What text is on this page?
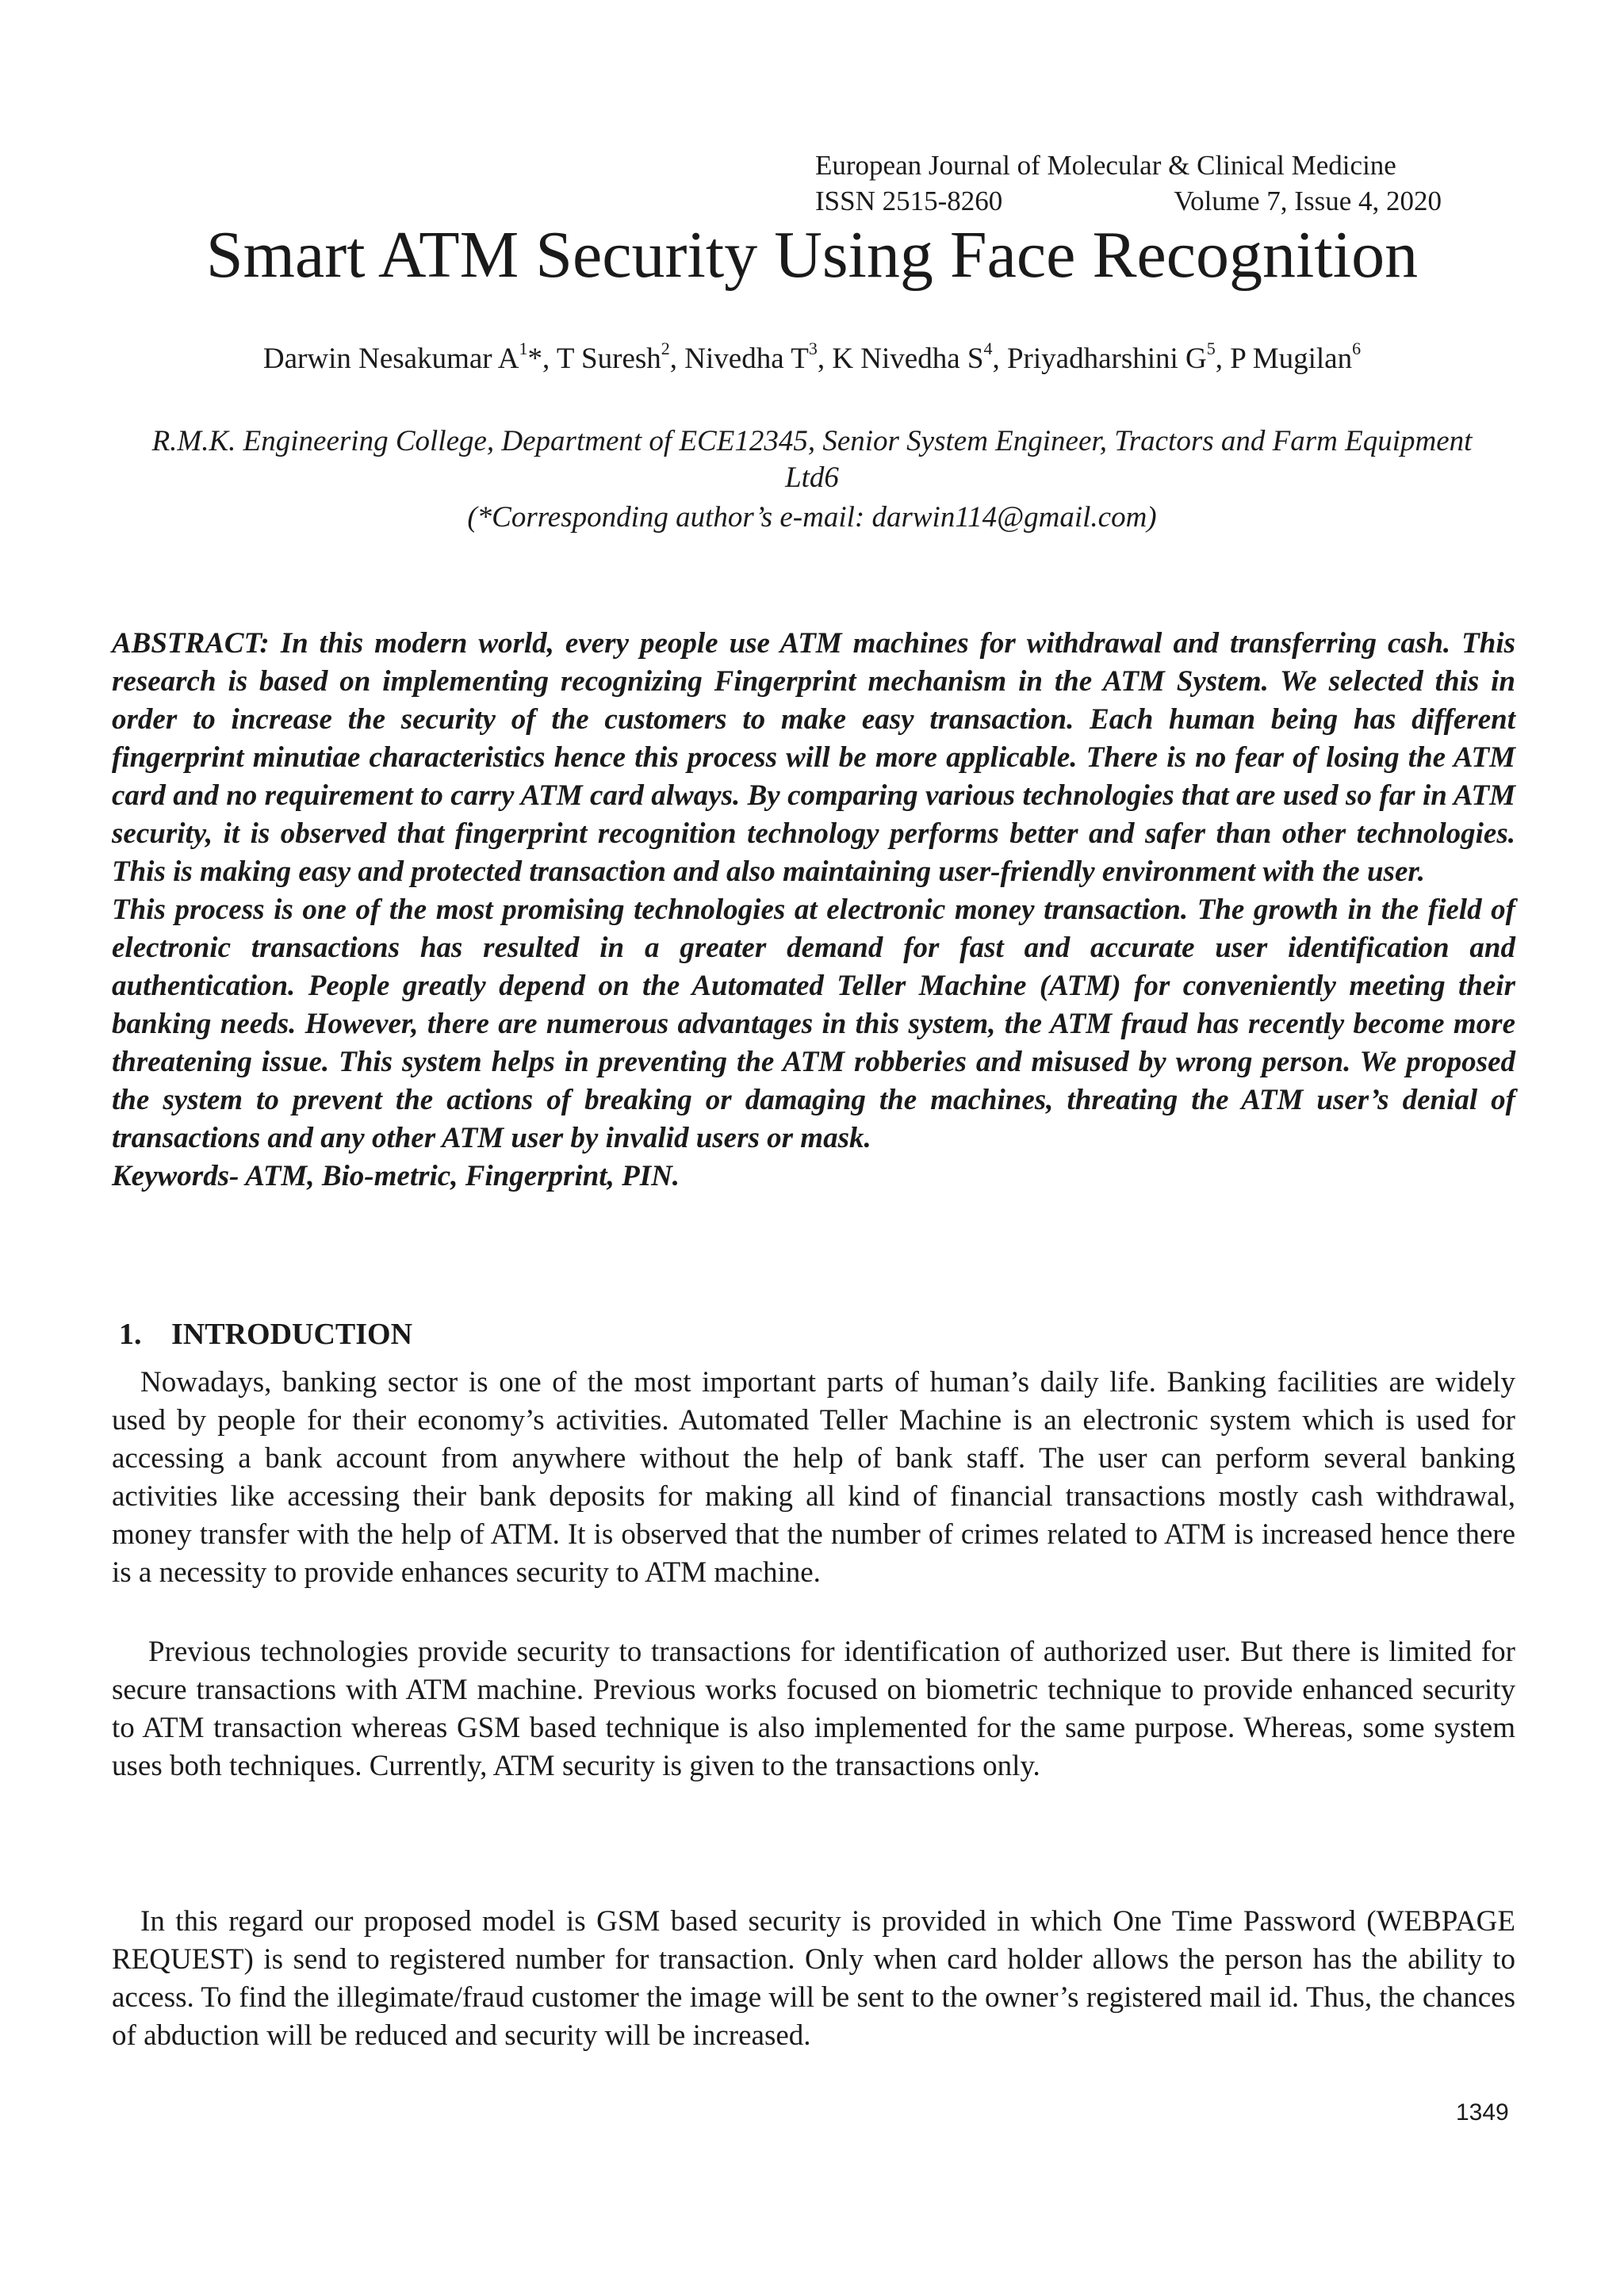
European Journal of Molecular & Clinical Medicine
ISSN 2515-8260	Volume 7, Issue 4, 2020
Smart ATM Security Using Face Recognition
Darwin Nesakumar $A^1*$, T Suresh$^2$, Nivedha $T^3$, K Nivedha $S^4$, Priyadharshini $G^5$, P Mugilan$^6$
R.M.K. Engineering College, Department of ECE12345, Senior System Engineer, Tractors and Farm Equipment Ltd6
(*Corresponding author’s e-mail: darwin114@gmail.com)

ABSTRACT: In this modern world, every people use ATM machines for withdrawal and transferring cash. This research is based on implementing recognizing Fingerprint mechanism in the ATM System. We selected this in order to increase the security of the customers to make easy transaction. Each human being has different fingerprint minutiae characteristics hence this process will be more applicable. There is no fear of losing the ATM card and no requirement to carry ATM card always. By comparing various technologies that are used so far in ATM security, it is observed that fingerprint recognition technology performs better and safer than other technologies. This is making easy and protected transaction and also maintaining user-friendly environment with the user.

This process is one of the most promising technologies at electronic money transaction. The growth in the field of electronic transactions has resulted in a greater demand for fast and accurate user identification and authentication. People greatly depend on the Automated Teller Machine (ATM) for conveniently meeting their banking needs. However, there are numerous advantages in this system, the ATM fraud has recently become more threatening issue. This system helps in preventing the ATM robberies and misused by wrong person. We proposed the system to prevent the actions of breaking or damaging the machines, threating the ATM user’s denial of transactions and any other ATM user by invalid users or mask.

Keywords- ATM, Bio-metric, Fingerprint, PIN.

1. INTRODUCTION
Nowadays, banking sector is one of the most important parts of human’s daily life. Banking facilities are widely used by people for their economy’s activities. Automated Teller Machine is an electronic system which is used for accessing a bank account from anywhere without the help of bank staff. The user can perform several banking activities like accessing their bank deposits for making all kind of financial transactions mostly cash withdrawal, money transfer with the help of ATM. It is observed that the number of crimes related to ATM is increased hence there is a necessity to provide enhances security to ATM machine.
Previous technologies provide security to transactions for identification of authorized user. But there is limited for secure transactions with ATM machine. Previous works focused on biometric technique to provide enhanced security to ATM transaction whereas GSM based technique is also implemented for the same purpose. Whereas, some system uses both techniques. Currently, ATM security is given to the transactions only.
In this regard our proposed model is GSM based security is provided in which One Time Password (WEBPAGE REQUEST) is send to registered number for transaction. Only when card holder allows the person has the ability to access. To find the illegimate/fraud customer the image will be sent to the owner’s registered mail id. Thus, the chances of abduction will be reduced and security will be increased.
1349
